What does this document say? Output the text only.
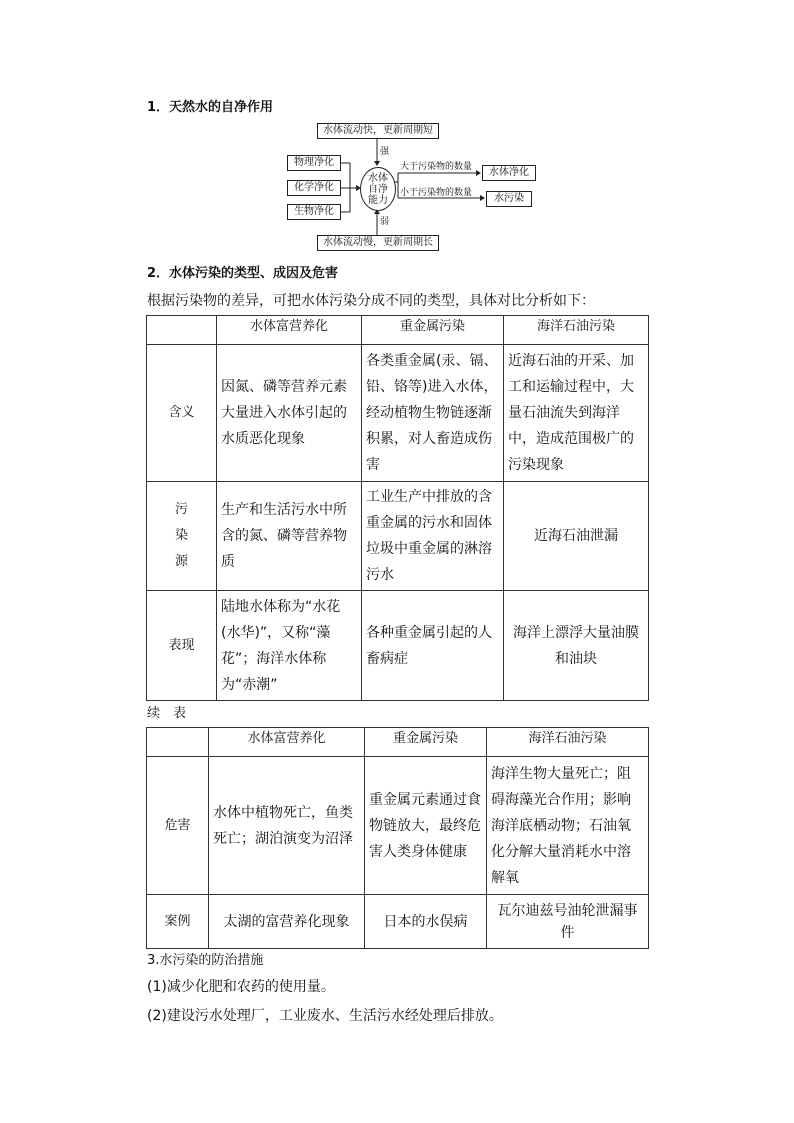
1．天然水的自净作用
水体流动快，更新周期短
强
物理净化
化学净化
生物净化
水体
自净
能力
大于污染物的数量
小于污染物的数量
水体净化
水污染
弱
水体流动慢，更新周期长
2．水体污染的类型、成因及危害
根据污染物的差异，可把水体污染分成不同的类型，具体对比分析如下：
	水体富营养化	重金属污染	海洋石油污染
含义	因氮、磷等营养元素大量进入水体引起的水质恶化现象	各类重金属(汞、镉、铅、铬等)进入水体，经动植物生物链逐渐积累，对人畜造成伤害	近海石油的开采、加工和运输过程中，大量石油流失到海洋中，造成范围极广的污染现象
污染源	生产和生活污水中所含的氮、磷等营养物质	工业生产中排放的含重金属的污水和固体垃圾中重金属的淋溶污水	近海石油泄漏
表现	陆地水体称为“水花(水华)”，又称“藻花”；海洋水体称为“赤潮”	各种重金属引起的人畜病症	海洋上漂浮大量油膜和油块
续　表
	水体富营养化	重金属污染	海洋石油污染
危害	水体中植物死亡，鱼类死亡；湖泊演变为沼泽	重金属元素通过食物链放大，最终危害人类身体健康	海洋生物大量死亡；阻碍海藻光合作用；影响海洋底栖动物；石油氧化分解大量消耗水中溶解氧
案例	太湖的富营养化现象	日本的水俣病	瓦尔迪兹号油轮泄漏事件
3.水污染的防治措施
(1)减少化肥和农药的使用量。
(2)建设污水处理厂，工业废水、生活污水经处理后排放。
